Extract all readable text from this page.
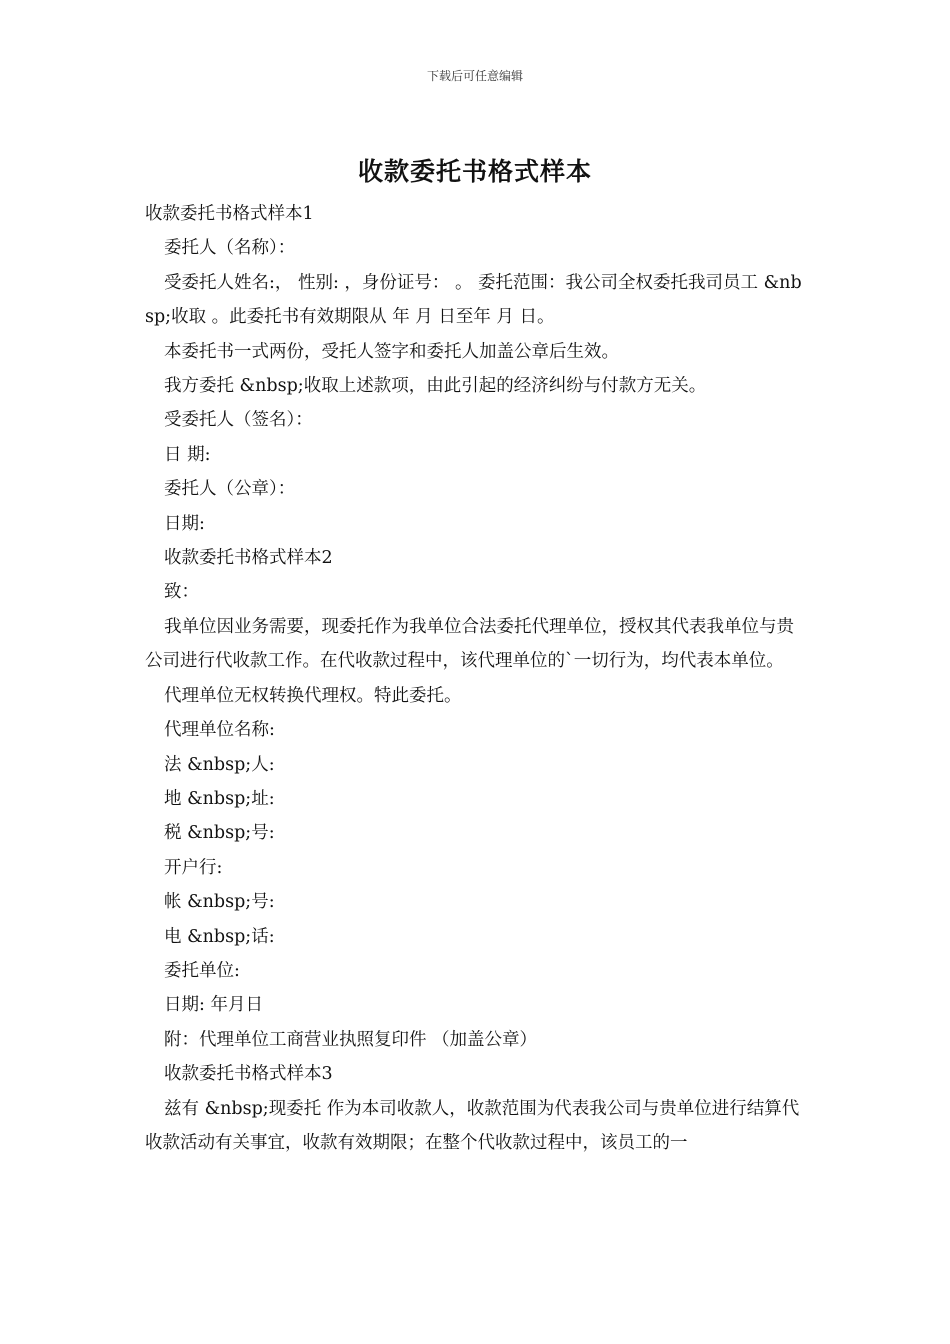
下载后可任意编辑
收款委托书格式样本

收款委托书格式样本1

委托人（名称）：

受委托人姓名:， 性别: ，身份证号： 。 委托范围：我公司全权委托我司员工 &nbsp;收取 。此委托书有效期限从 年 月 日至年 月 日。

本委托书一式两份，受托人签字和委托人加盖公章后生效。

我方委托 &nbsp;收取上述款项，由此引起的经济纠纷与付款方无关。

受委托人（签名）：

日 期:

委托人（公章）：

日期:

收款委托书格式样本2

致：

我单位因业务需要，现委托作为我单位合法委托代理单位，授权其代表我单位与贵公司进行代收款工作。在代收款过程中，该代理单位的`一切行为，均代表本单位。

代理单位无权转换代理权。特此委托。

代理单位名称:

法 &nbsp;人:

地 &nbsp;址:

税 &nbsp;号:

开户行:

帐 &nbsp;号:

电 &nbsp;话:

委托单位:

日期: 年月日

附：代理单位工商营业执照复印件 （加盖公章）

收款委托书格式样本3

兹有 &nbsp;现委托 作为本司收款人，收款范围为代表我公司与贵单位进行结算代收款活动有关事宜，收款有效期限；在整个代收款过程中，该员工的一
